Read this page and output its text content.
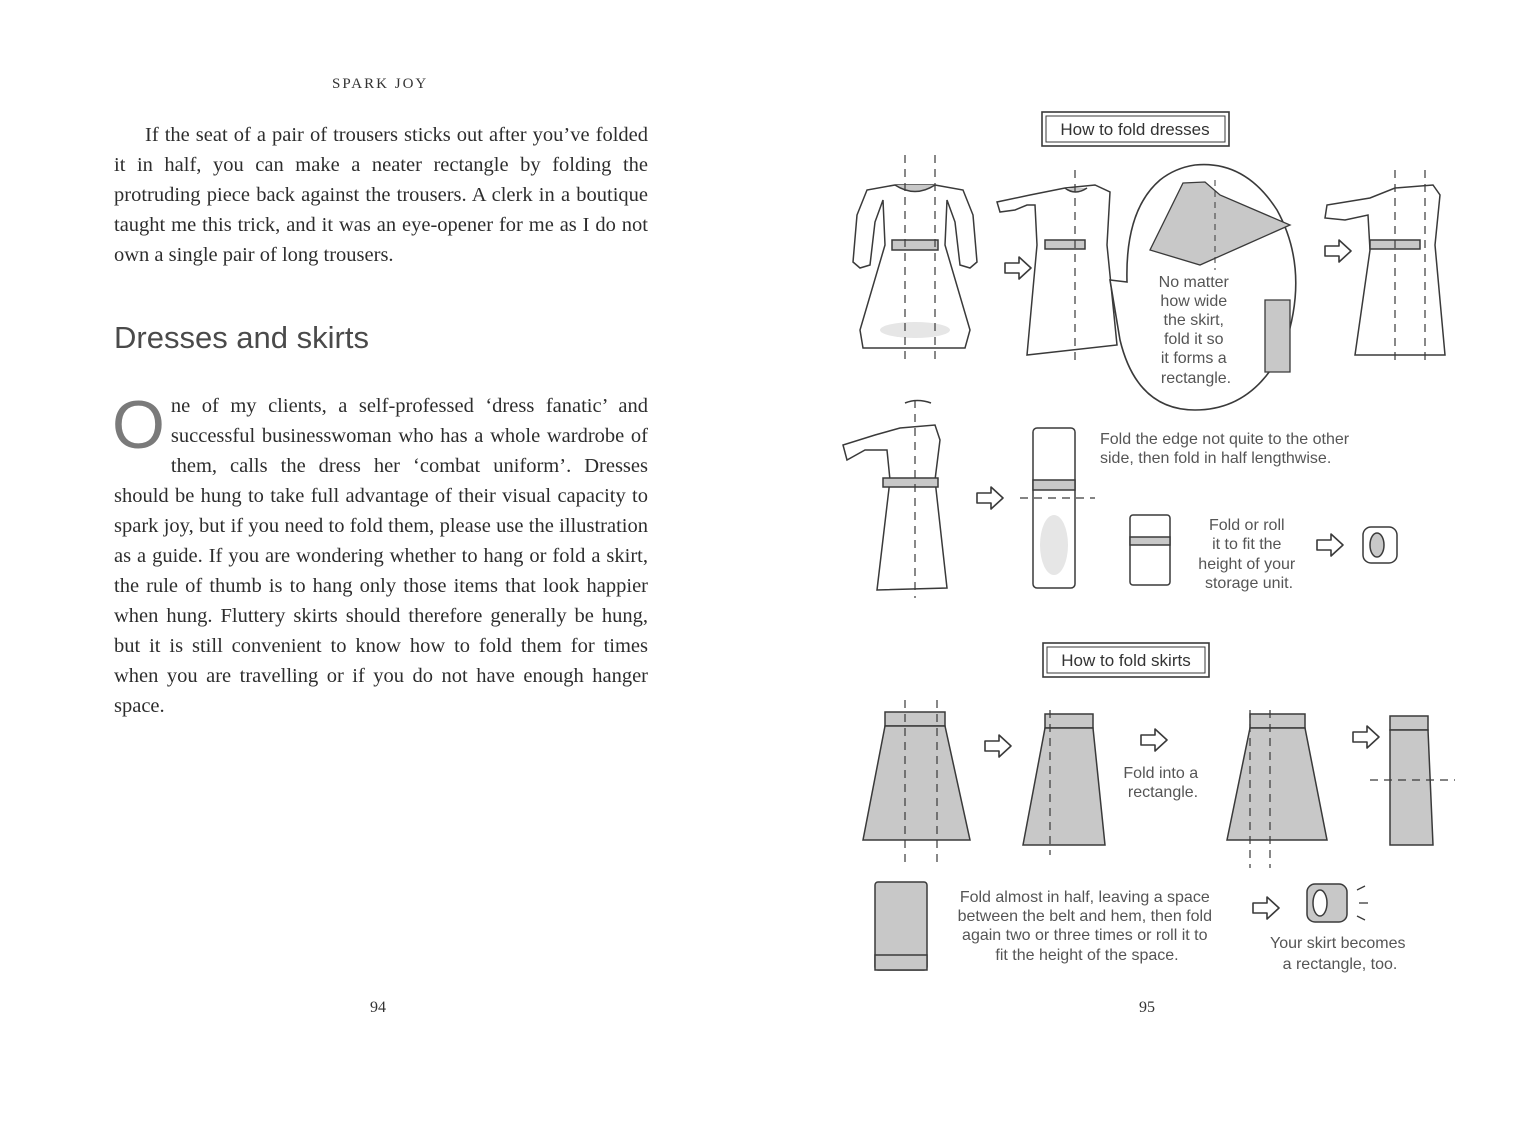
SPARK JOY

If the seat of a pair of trousers sticks out after you’ve folded it in half, you can make a neater rectangle by folding the protruding piece back against the trousers. A clerk in a boutique taught me this trick, and it was an eye-opener for me as I do not own a single pair of long trousers.

Dresses and skirts
O ne of my clients, a self-professed ‘dress fanatic’ and successful businesswoman who has a whole wardrobe of them, calls the dress her ‘combat uniform’. Dresses should be hung to take full advantage of their visual capacity to spark joy, but if you need to fold them, please use the illustration as a guide. If you are wondering whether to hang or fold a skirt, the rule of thumb is to hang only those items that look happier when hung. Fluttery skirts should therefore generally be hung, but it is still convenient to know how to fold them for times when you are travelling or if you do not have enough hanger space.

94
How to fold dresses
No matter how wide the skirt, fold it so it forms a rectangle.
Fold the edge not quite to the other side, then fold in half lengthwise.
Fold or roll it to fit the height of your storage unit.
How to fold skirts
Fold into a rectangle.
Fold almost in half, leaving a space between the belt and hem, then fold again two or three times or roll it to fit the height of the space.
Your skirt becomes a rectangle, too.
95
